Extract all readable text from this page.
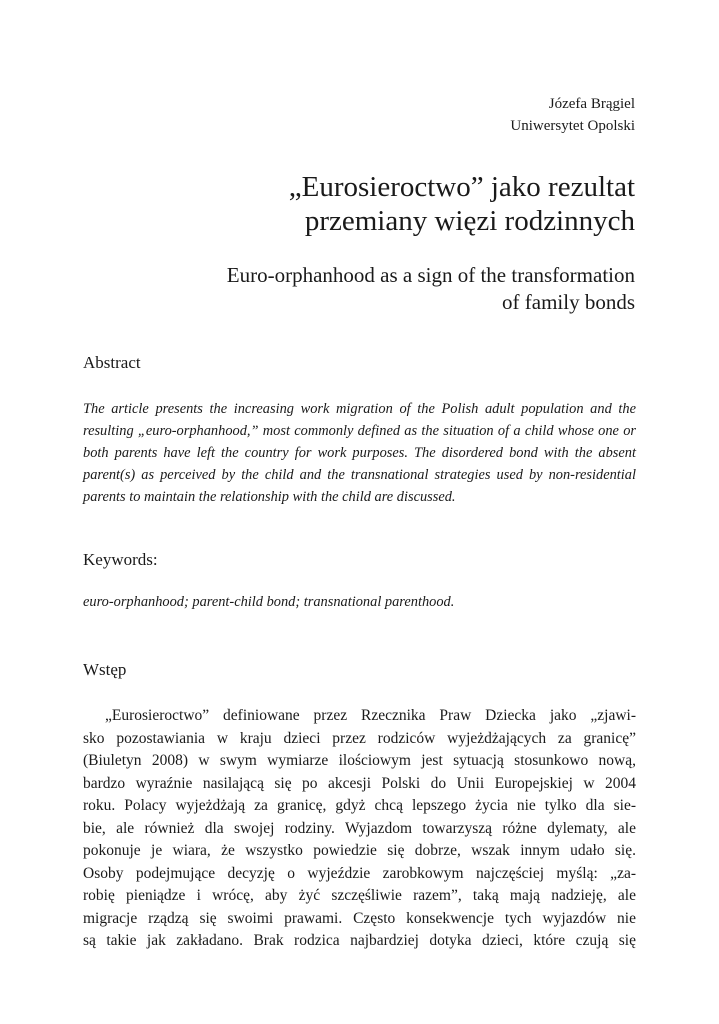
Józefa Brągiel
Uniwersytet Opolski
„Eurosieroctwo” jako rezultat
przemiany więzi rodzinnych
Euro-orphanhood as a sign of the transformation
of family bonds
Abstract
The article presents the increasing work migration of the Polish adult population and the resulting „euro-orphanhood,” most commonly defined as the situation of a child whose one or both parents have left the country for work purposes. The disordered bond with the absent parent(s) as perceived by the child and the transnational strategies used by non-residential parents to maintain the relationship with the child are discussed.
Keywords:
euro-orphanhood; parent-child bond; transnational parenthood.
Wstęp
„Eurosieroctwo” definiowane przez Rzecznika Praw Dziecka jako „zjawi-
sko pozostawiania w kraju dzieci przez rodziców wyjeżdżających za granicę”
(Biuletyn 2008) w swym wymiarze ilościowym jest sytuacją stosunkowo nową,
bardzo wyraźnie nasilającą się po akcesji Polski do Unii Europejskiej w 2004
roku. Polacy wyjeżdżają za granicę, gdyż chcą lepszego życia nie tylko dla sie-
bie, ale również dla swojej rodziny. Wyjazdom towarzyszą różne dylematy, ale
pokonuje je wiara, że wszystko powiedzie się dobrze, wszak innym udało się.
Osoby podejmujące decyzję o wyjeździe zarobkowym najczęściej myślą: „za-
robię pieniądze i wrócę, aby żyć szczęśliwie razem”, taką mają nadzieję, ale
migracje rządzą się swoimi prawami. Często konsekwencje tych wyjazdów nie
są takie jak zakładano. Brak rodzica najbardziej dotyka dzieci, które czują się
